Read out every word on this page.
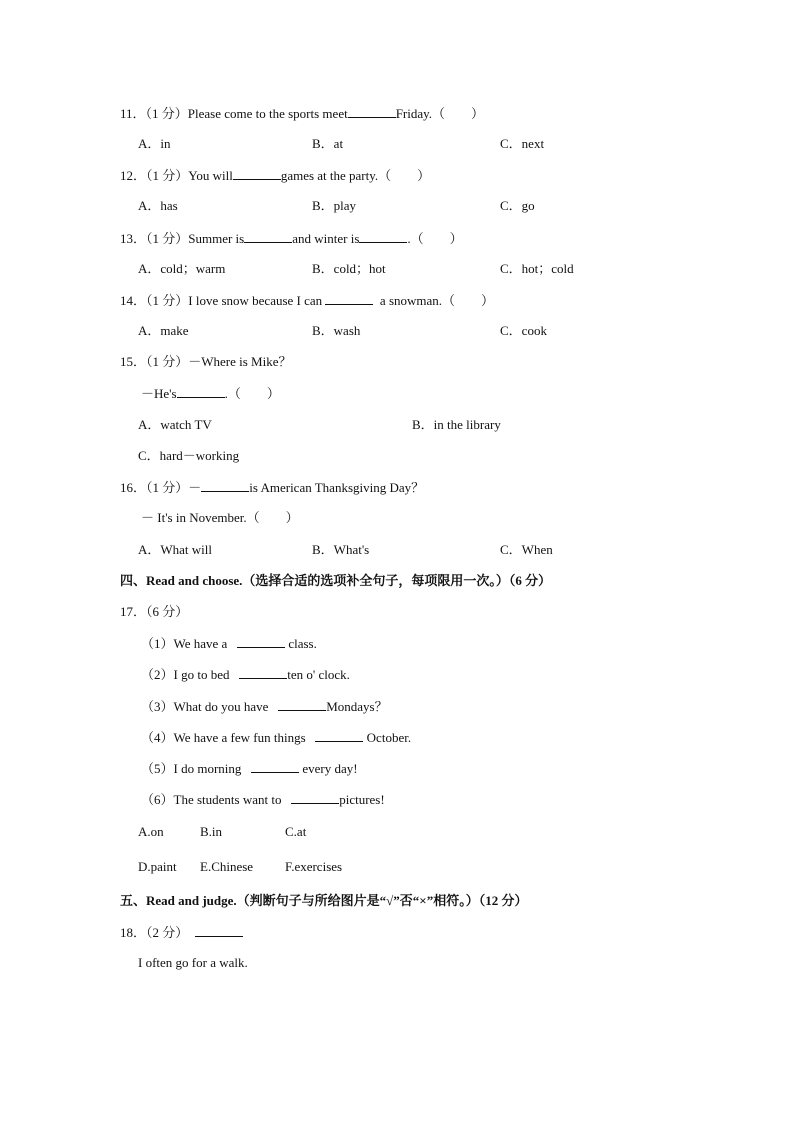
11．（1 分）Please come to the sports meet	Friday.（　　）
A．in	B．at	C．next
12．（1 分）You will	games at the party.（　　）
A．has	B．play	C．go
13．（1 分）Summer is	and winter is	.（　　）
A．cold；warm	B．cold；hot	C．hot；cold
14．（1 分）I love snow because I can	a snowman.（　　）
A．make	B．wash	C．cook
15．（1 分）－Where is Mike？
－He's	.（　　）
A．watch TV	B．in the library
C．hard－working
16．（1 分）－	is American Thanksgiving Day？
－ It's in November.（　　）
A．What will	B．What's	C．When
四、Read and choose.（选择合适的选项补全句子，每项限用一次。）（6 分）
17．（6 分）
（1）We have a	class.
（2）I go to bed	ten o' clock.
（3）What do you have	Mondays？
（4）We have a few fun things	October.
（5）I do morning	every day!
（6）The students want to	pictures!
A.on	B.in	C.at
D.paint E.Chinese F.exercises
五、Read and judge.（判断句子与所给图片是“√”否“×”相符。）（12 分）
18．（2 分）
I often go for a walk.
